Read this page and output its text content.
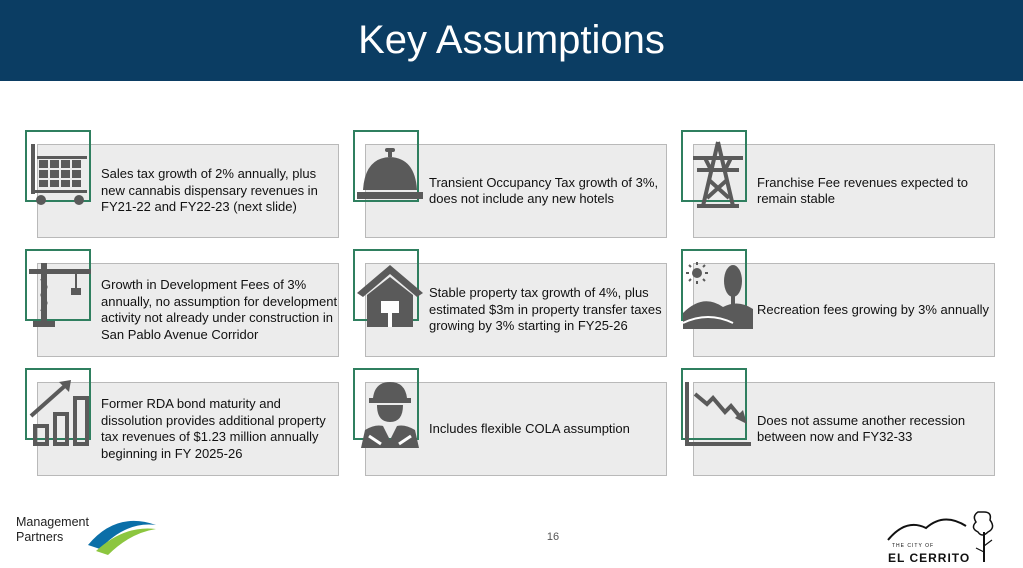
Key Assumptions
Sales tax growth of 2% annually, plus new cannabis dispensary revenues in FY21-22 and FY22-23 (next slide)
Transient Occupancy Tax growth of 3%, does not include any new hotels
Franchise Fee revenues expected to remain stable
Growth in Development Fees of 3% annually, no assumption for development activity not already under construction in San Pablo Avenue Corridor
Stable property tax growth of 4%, plus estimated $3m in property transfer taxes growing by 3% starting in FY25-26
Recreation fees growing by 3% annually
Former RDA bond maturity and dissolution provides additional property tax revenues of $1.23 million annually beginning in FY 2025-26
Includes flexible COLA assumption
Does not assume another recession between now and FY32-33
16
Management
Partners
THE CITY OF
EL CERRITO
